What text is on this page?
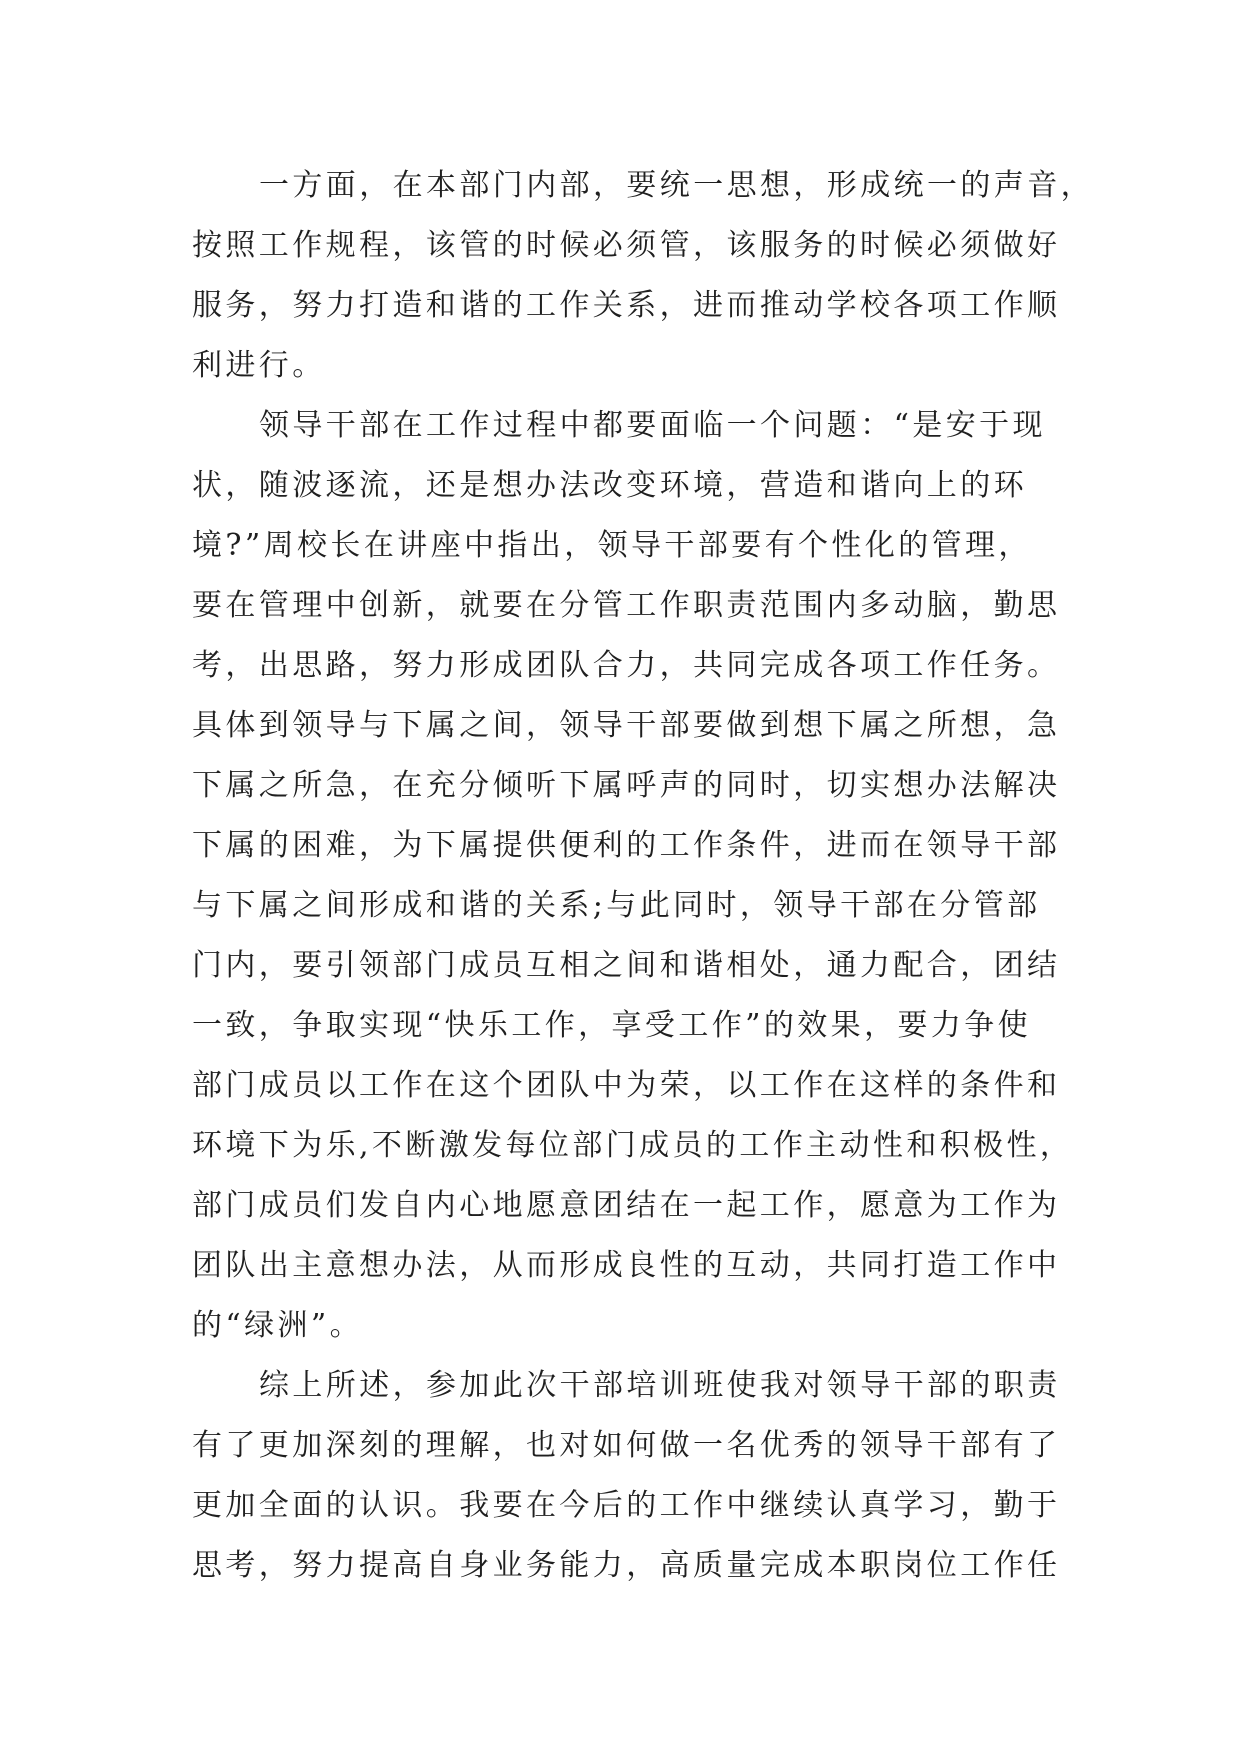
一方面，在本部门内部，要统一思想，形成统一的声音，
按照工作规程，该管的时候必须管，该服务的时候必须做好
服务，努力打造和谐的工作关系，进而推动学校各项工作顺
利进行。
领导干部在工作过程中都要面临一个问题：“是安于现
状，随波逐流，还是想办法改变环境，营造和谐向上的环
境?”周校长在讲座中指出，领导干部要有个性化的管理，
要在管理中创新，就要在分管工作职责范围内多动脑，勤思
考，出思路，努力形成团队合力，共同完成各项工作任务。
具体到领导与下属之间，领导干部要做到想下属之所想，急
下属之所急，在充分倾听下属呼声的同时，切实想办法解决
下属的困难，为下属提供便利的工作条件，进而在领导干部
与下属之间形成和谐的关系;与此同时，领导干部在分管部
门内，要引领部门成员互相之间和谐相处，通力配合，团结
一致，争取实现“快乐工作，享受工作”的效果，要力争使
部门成员以工作在这个团队中为荣，以工作在这样的条件和
环境下为乐,不断激发每位部门成员的工作主动性和积极性，
部门成员们发自内心地愿意团结在一起工作，愿意为工作为
团队出主意想办法，从而形成良性的互动，共同打造工作中
的“绿洲”。
综上所述，参加此次干部培训班使我对领导干部的职责
有了更加深刻的理解，也对如何做一名优秀的领导干部有了
更加全面的认识。我要在今后的工作中继续认真学习，勤于
思考，努力提高自身业务能力，高质量完成本职岗位工作任
